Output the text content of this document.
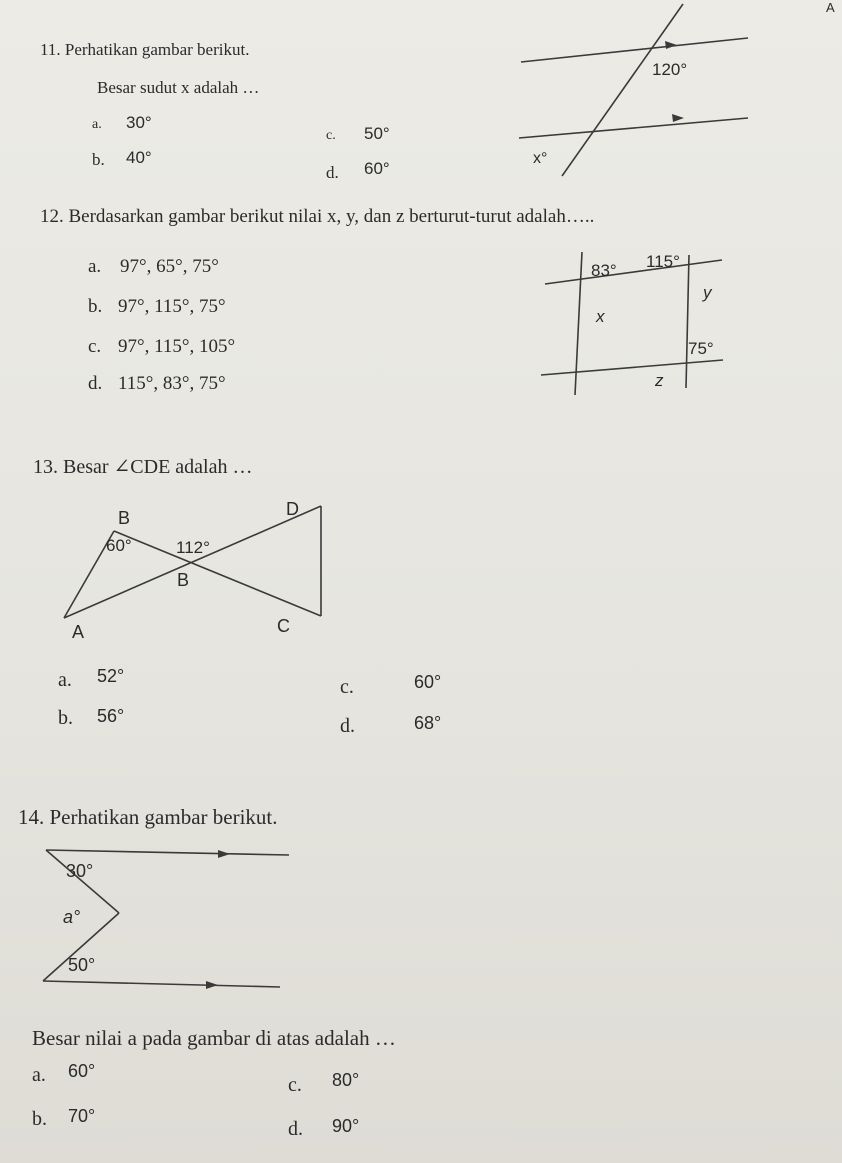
A
11. Perhatikan gambar berikut.
Besar sudut x adalah …
a. 30°
b. 40°
c. 50°
d. 60°
120°
x°
12. Berdasarkan gambar berikut nilai x, y, dan z berturut-turut adalah…..
a. 97°, 65°, 75°
b. 97°, 115°, 75°
c. 97°, 115°, 105°
d. 115°, 83°, 75°
83° 115°
y
x
75°
z
13. Besar ∠CDE adalah …
B	D
60°	112°
B
A	C
a. 52°
b. 56°
c.	60°
d.	68°
14. Perhatikan gambar berikut.
30°
a°
50°
Besar nilai a pada gambar di atas adalah …
a. 60°
b. 70°
c. 80°
d. 90°
